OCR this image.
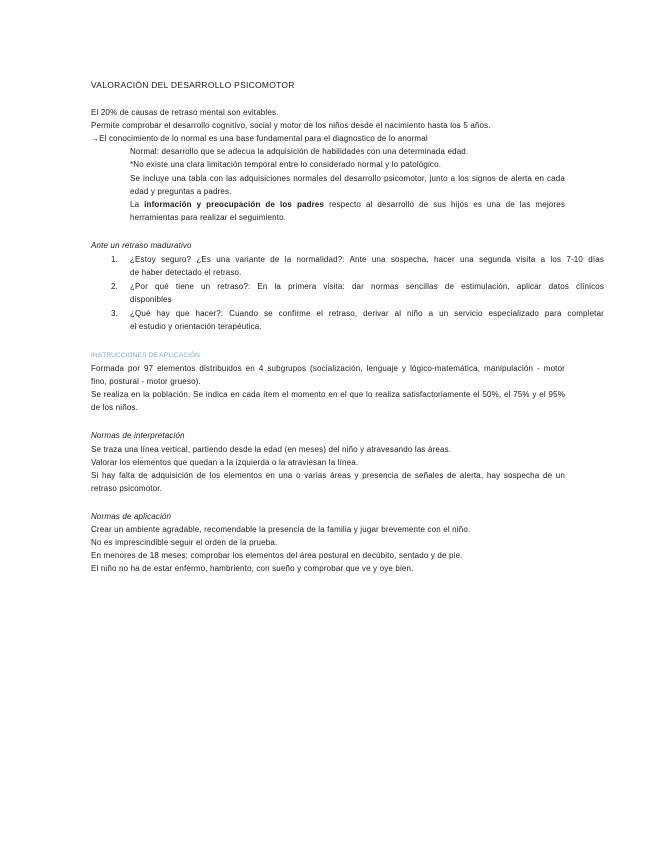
VALORACIÓN DEL DESARROLLO PSICOMOTOR
El 20% de causas de retraso mental son evitables.
Permite comprobar el desarrollo cognitivo, social y motor de los niños desde el nacimiento hasta los 5 años.
→El conocimiento de lo normal es una base fundamental para el diagnostico de lo anormal
Normal: desarrollo que se adecua la adquisición de habilidades con una determinada edad.
*No existe una clara limitación temporal entre lo considerado normal y lo patológico.
Se incluye una tabla con las adquisiciones normales del desarrollo psicomotor, junto a los signos de alerta en cada
edad y preguntas a padres.
La información y preocupación de los padres respecto al desarrollo de sus hijos es una de las mejores
herramientas para realizar el seguimiento.
Ante un retraso madurativo
1. ¿Estoy seguro? ¿Es una variante de la normalidad?: Ante una sospecha, hacer una segunda visita a los 7-10 días
de haber detectado el retraso.
2. ¿Por qué tiene un retraso?: En la primera visita: dar normas sencillas de estimulación, aplicar datos clínicos
disponibles
3. ¿Qué hay que hacer?: Cuando se confirme el retraso, derivar al niño a un servicio especializado para completar
el estudio y orientación terapéutica.
INSTRUCCIONES DE APLICACIÓN
Formada por 97 elementos distribuidos en 4 subgrupos (socialización, lenguaje y lógico-matemática, manipulación - motor
fino, postural - motor grueso).
Se realiza en la población. Se indica en cada ítem el momento en el que lo realiza satisfactoriamente el 50%, el 75% y el 95%
de los niños.
Normas de interpretación
Se traza una línea vertical, partiendo desde la edad (en meses) del niño y atravesando las áreas.
Valorar los elementos que quedan a la izquierda o la atraviesan la línea.
Si hay falta de adquisición de los elementos en una o varias áreas y presencia de señales de alerta, hay sospecha de un
retraso psicomotor.
Normas de aplicación
Crear un ambiente agradable, recomendable la presencia de la familia y jugar brevemente con el niño.
No es imprescindible seguir el orden de la prueba.
En menores de 18 meses: comprobar los elementos del área postural en decúbito, sentado y de pie.
El niño no ha de estar enfermo, hambriento, con sueño y comprobar que ve y oye bien.
